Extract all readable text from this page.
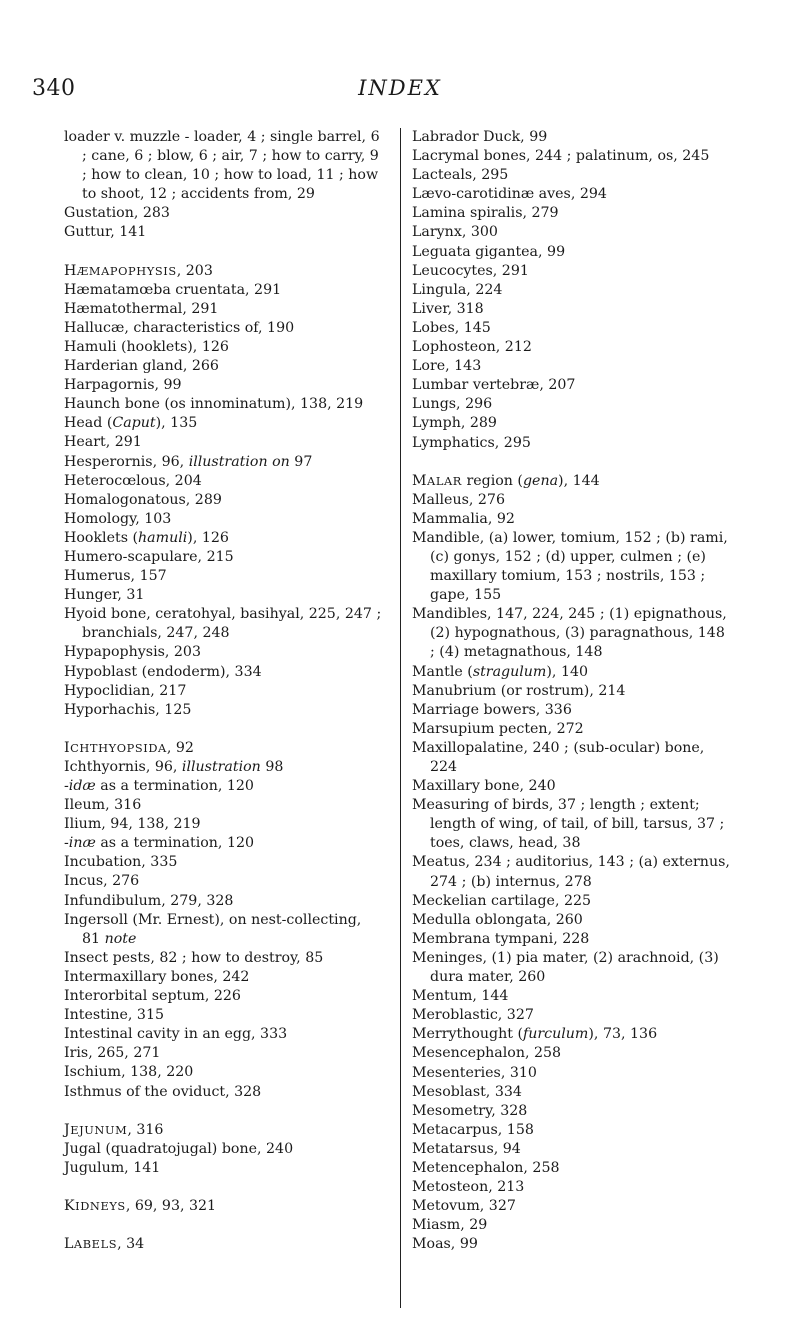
340	INDEX

loader v. muzzle - loader, 4 ; single barrel, 6 ; cane, 6 ; blow, 6 ; air, 7 ; how to carry, 9 ; how to clean, 10 ; how to load, 11 ; how to shoot, 12 ; accidents from, 29

Gustation, 283

Guttur, 141

HÆMAPOPHYSIS, 203

Hæmatamœba cruentata, 291

Hæmatothermal, 291

Hallucæ, characteristics of, 190

Hamuli (hooklets), 126

Harderian gland, 266

Harpagornis, 99

Haunch bone (os innominatum), 138, 219

Head (Caput), 135

Heart, 291

Hesperornis, 96, illustration on 97

Heterocœlous, 204

Homalogonatous, 289

Homology, 103

Hooklets (hamuli), 126

Humero-scapulare, 215

Humerus, 157

Hunger, 31

Hyoid bone, ceratohyal, basihyal, 225, 247 ; branchials, 247, 248

Hypapophysis, 203

Hypoblast (endoderm), 334

Hypoclidian, 217

Hyporhachis, 125

ICHTHYOPSIDA, 92

Ichthyornis, 96, illustration 98

-idæ as a termination, 120

Ileum, 316

Ilium, 94, 138, 219

-inæ as a termination, 120

Incubation, 335

Incus, 276

Infundibulum, 279, 328

Ingersoll (Mr. Ernest), on nest-collecting, 81 note

Insect pests, 82 ; how to destroy, 85

Intermaxillary bones, 242

Interorbital septum, 226

Intestine, 315

Intestinal cavity in an egg, 333

Iris, 265, 271

Ischium, 138, 220

Isthmus of the oviduct, 328

JEJUNUM, 316

Jugal (quadratojugal) bone, 240

Jugulum, 141

KIDNEYS, 69, 93, 321

LABELS, 34

Labrador Duck, 99

Lacrymal bones, 244 ; palatinum, os, 245

Lacteals, 295

Lævo-carotidinæ aves, 294

Lamina spiralis, 279

Larynx, 300

Leguata gigantea, 99

Leucocytes, 291

Lingula, 224

Liver, 318

Lobes, 145

Lophosteon, 212

Lore, 143

Lumbar vertebræ, 207

Lungs, 296

Lymph, 289

Lymphatics, 295

MALAR region (gena), 144

Malleus, 276

Mammalia, 92

Mandible, (a) lower, tomium, 152 ; (b) rami, (c) gonys, 152 ; (d) upper, culmen ; (e) maxillary tomium, 153 ; nostrils, 153 ; gape, 155

Mandibles, 147, 224, 245 ; (1) epignathous, (2) hypognathous, (3) paragnathous, 148 ; (4) metagnathous, 148

Mantle (stragulum), 140

Manubrium (or rostrum), 214

Marriage bowers, 336

Marsupium pecten, 272

Maxillopalatine, 240 ; (sub-ocular) bone, 224

Maxillary bone, 240

Measuring of birds, 37 ; length ; extent; length of wing, of tail, of bill, tarsus, 37 ; toes, claws, head, 38

Meatus, 234 ; auditorius, 143 ; (a) externus, 274 ; (b) internus, 278

Meckelian cartilage, 225

Medulla oblongata, 260

Membrana tympani, 228

Meninges, (1) pia mater, (2) arachnoid, (3) dura mater, 260

Mentum, 144

Meroblastic, 327

Merrythought (furculum), 73, 136

Mesencephalon, 258

Mesenteries, 310

Mesoblast, 334

Mesometry, 328

Metacarpus, 158

Metatarsus, 94

Metencephalon, 258

Metosteon, 213

Metovum, 327

Miasm, 29

Moas, 99
